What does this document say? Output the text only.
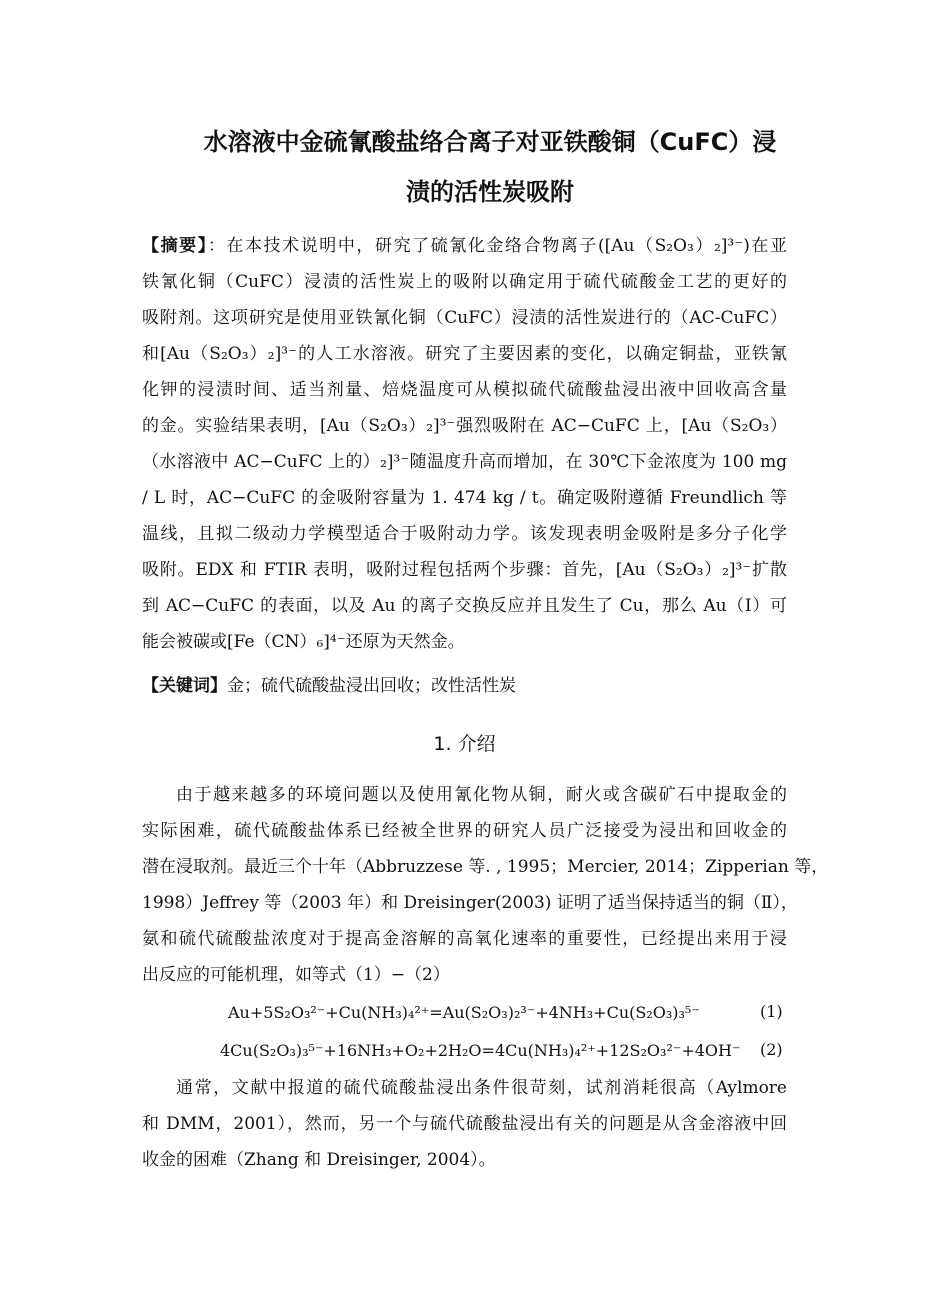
水溶液中金硫氰酸盐络合离子对亚铁酸铜（CuFC）浸
渍的活性炭吸附
【摘要】：在本技术说明中，研究了硫氰化金络合物离子([Au（S₂O₃）₂]³⁻)在亚
铁氰化铜（CuFC）浸渍的活性炭上的吸附以确定用于硫代硫酸金工艺的更好的
吸附剂。这项研究是使用亚铁氰化铜（CuFC）浸渍的活性炭进行的（AC-CuFC）
和[Au（S₂O₃）₂]³⁻的人工水溶液。研究了主要因素的变化，以确定铜盐，亚铁氰
化钾的浸渍时间、适当剂量、焙烧温度可从模拟硫代硫酸盐浸出液中回收高含量
的金。实验结果表明，[Au（S₂O₃）₂]³⁻强烈吸附在 AC−CuFC 上，[Au（S₂O₃）
（水溶液中 AC−CuFC 上的）₂]³⁻随温度升高而增加，在 30℃下金浓度为 100 mg
/ L 时，AC−CuFC 的金吸附容量为 1. 474 kg / t。确定吸附遵循 Freundlich 等
温线，且拟二级动力学模型适合于吸附动力学。该发现表明金吸附是多分子化学
吸附。EDX 和 FTIR 表明，吸附过程包括两个步骤：首先，[Au（S₂O₃）₂]³⁻扩散
到 AC−CuFC 的表面，以及 Au 的离子交换反应并且发生了 Cu，那么 Au（I）可
能会被碳或[Fe（CN）₆]⁴⁻还原为天然金。
【关键词】金；硫代硫酸盐浸出回收；改性活性炭
1. 介绍
由于越来越多的环境问题以及使用氰化物从铜，耐火或含碳矿石中提取金的
实际困难，硫代硫酸盐体系已经被全世界的研究人员广泛接受为浸出和回收金的
潜在浸取剂。最近三个十年（Abbruzzese 等. , 1995；Mercier, 2014；Zipperian 等，
1998）Jeffrey 等（2003 年）和 Dreisinger(2003) 证明了适当保持适当的铜（Ⅱ），
氨和硫代硫酸盐浓度对于提高金溶解的高氧化速率的重要性，已经提出来用于浸
出反应的可能机理，如等式（1）−（2）
Au+5S₂O₃²⁻+Cu(NH₃)₄²⁺=Au(S₂O₃)₂³⁻+4NH₃+Cu(S₂O₃)₃⁵⁻	(1)
4Cu(S₂O₃)₃⁵⁻+16NH₃+O₂+2H₂O=4Cu(NH₃)₄²⁺+12S₂O₃²⁻+4OH⁻ (2)
通常，文献中报道的硫代硫酸盐浸出条件很苛刻，试剂消耗很高（Aylmore
和 DMM，2001），然而，另一个与硫代硫酸盐浸出有关的问题是从含金溶液中回
收金的困难（Zhang 和 Dreisinger, 2004）。
